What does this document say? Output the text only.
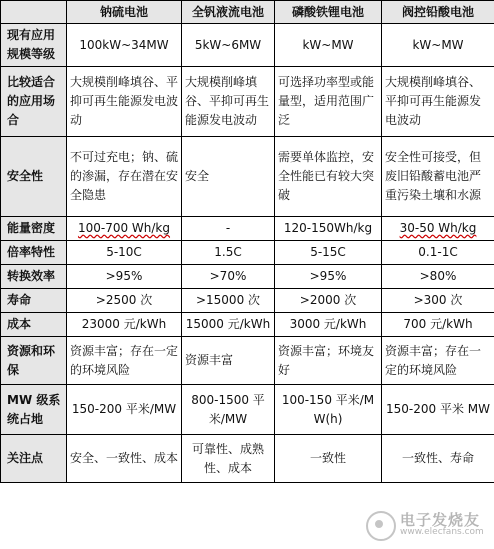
	钠硫电池	全钒液流电池	磷酸铁锂电池	阀控铅酸电池
现有应用规模等级	100kW~34MW	5kW~6MW	kW~MW	kW~MW
比较适合的应用场合	大规模削峰填谷、平抑可再生能源发电波动	大规模削峰填谷、平抑可再生能源发电波动	可选择功率型或能量型，适用范围广泛	大规模削峰填谷、平抑可再生能源发电波动
安全性	不可过充电；钠、硫的渗漏，存在潜在安全隐患	安全	需要单体监控，安全性能已有较大突破	安全性可接受，但废旧铅酸蓄电池严重污染土壤和水源
能量密度	100-700 Wh/kg	-	120-150Wh/kg	30-50 Wh/kg
倍率特性	5-10C	1.5C	5-15C	0.1-1C
转换效率	>95%	>70%	>95%	>80%
寿命	>2500 次	>15000 次	>2000 次	>300 次
成本	23000 元/kWh	15000 元/kWh	3000 元/kWh	700 元/kWh
资源和环保	资源丰富；存在一定的环境风险	资源丰富	资源丰富；环境友好	资源丰富；存在一定的环境风险
MW 级系统占地	150-200 平米/MW	800-1500 平米/MW	100-150 平米/MW(h)	150-200 平米 MW
关注点	安全、一致性、成本	可靠性、成熟性、成本	一致性	一致性、寿命
电子发烧友
www.elecfans.com
